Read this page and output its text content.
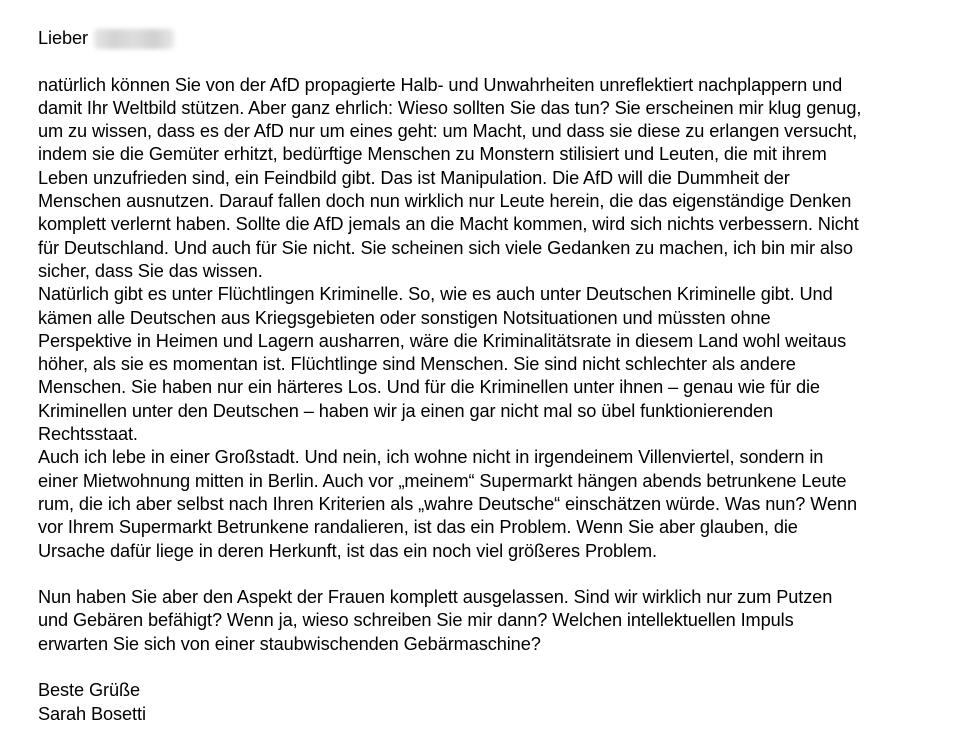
Lieber

natürlich können Sie von der AfD propagierte Halb- und Unwahrheiten unreflektiert nachplappern und
damit Ihr Weltbild stützen. Aber ganz ehrlich: Wieso sollten Sie das tun? Sie erscheinen mir klug genug,
um zu wissen, dass es der AfD nur um eines geht: um Macht, und dass sie diese zu erlangen versucht,
indem sie die Gemüter erhitzt, bedürftige Menschen zu Monstern stilisiert und Leuten, die mit ihrem
Leben unzufrieden sind, ein Feindbild gibt. Das ist Manipulation. Die AfD will die Dummheit der
Menschen ausnutzen. Darauf fallen doch nun wirklich nur Leute herein, die das eigenständige Denken
komplett verlernt haben. Sollte die AfD jemals an die Macht kommen, wird sich nichts verbessern. Nicht
für Deutschland. Und auch für Sie nicht. Sie scheinen sich viele Gedanken zu machen, ich bin mir also
sicher, dass Sie das wissen.

Natürlich gibt es unter Flüchtlingen Kriminelle. So, wie es auch unter Deutschen Kriminelle gibt. Und
kämen alle Deutschen aus Kriegsgebieten oder sonstigen Notsituationen und müssten ohne
Perspektive in Heimen und Lagern ausharren, wäre die Kriminalitätsrate in diesem Land wohl weitaus
höher, als sie es momentan ist. Flüchtlinge sind Menschen. Sie sind nicht schlechter als andere
Menschen. Sie haben nur ein härteres Los. Und für die Kriminellen unter ihnen – genau wie für die
Kriminellen unter den Deutschen – haben wir ja einen gar nicht mal so übel funktionierenden
Rechtsstaat.

Auch ich lebe in einer Großstadt. Und nein, ich wohne nicht in irgendeinem Villenviertel, sondern in
einer Mietwohnung mitten in Berlin. Auch vor „meinem“ Supermarkt hängen abends betrunkene Leute
rum, die ich aber selbst nach Ihren Kriterien als „wahre Deutsche“ einschätzen würde. Was nun? Wenn
vor Ihrem Supermarkt Betrunkene randalieren, ist das ein Problem. Wenn Sie aber glauben, die
Ursache dafür liege in deren Herkunft, ist das ein noch viel größeres Problem.

Nun haben Sie aber den Aspekt der Frauen komplett ausgelassen. Sind wir wirklich nur zum Putzen
und Gebären befähigt? Wenn ja, wieso schreiben Sie mir dann? Welchen intellektuellen Impuls
erwarten Sie sich von einer staubwischenden Gebärmaschine?

Beste Grüße

Sarah Bosetti
